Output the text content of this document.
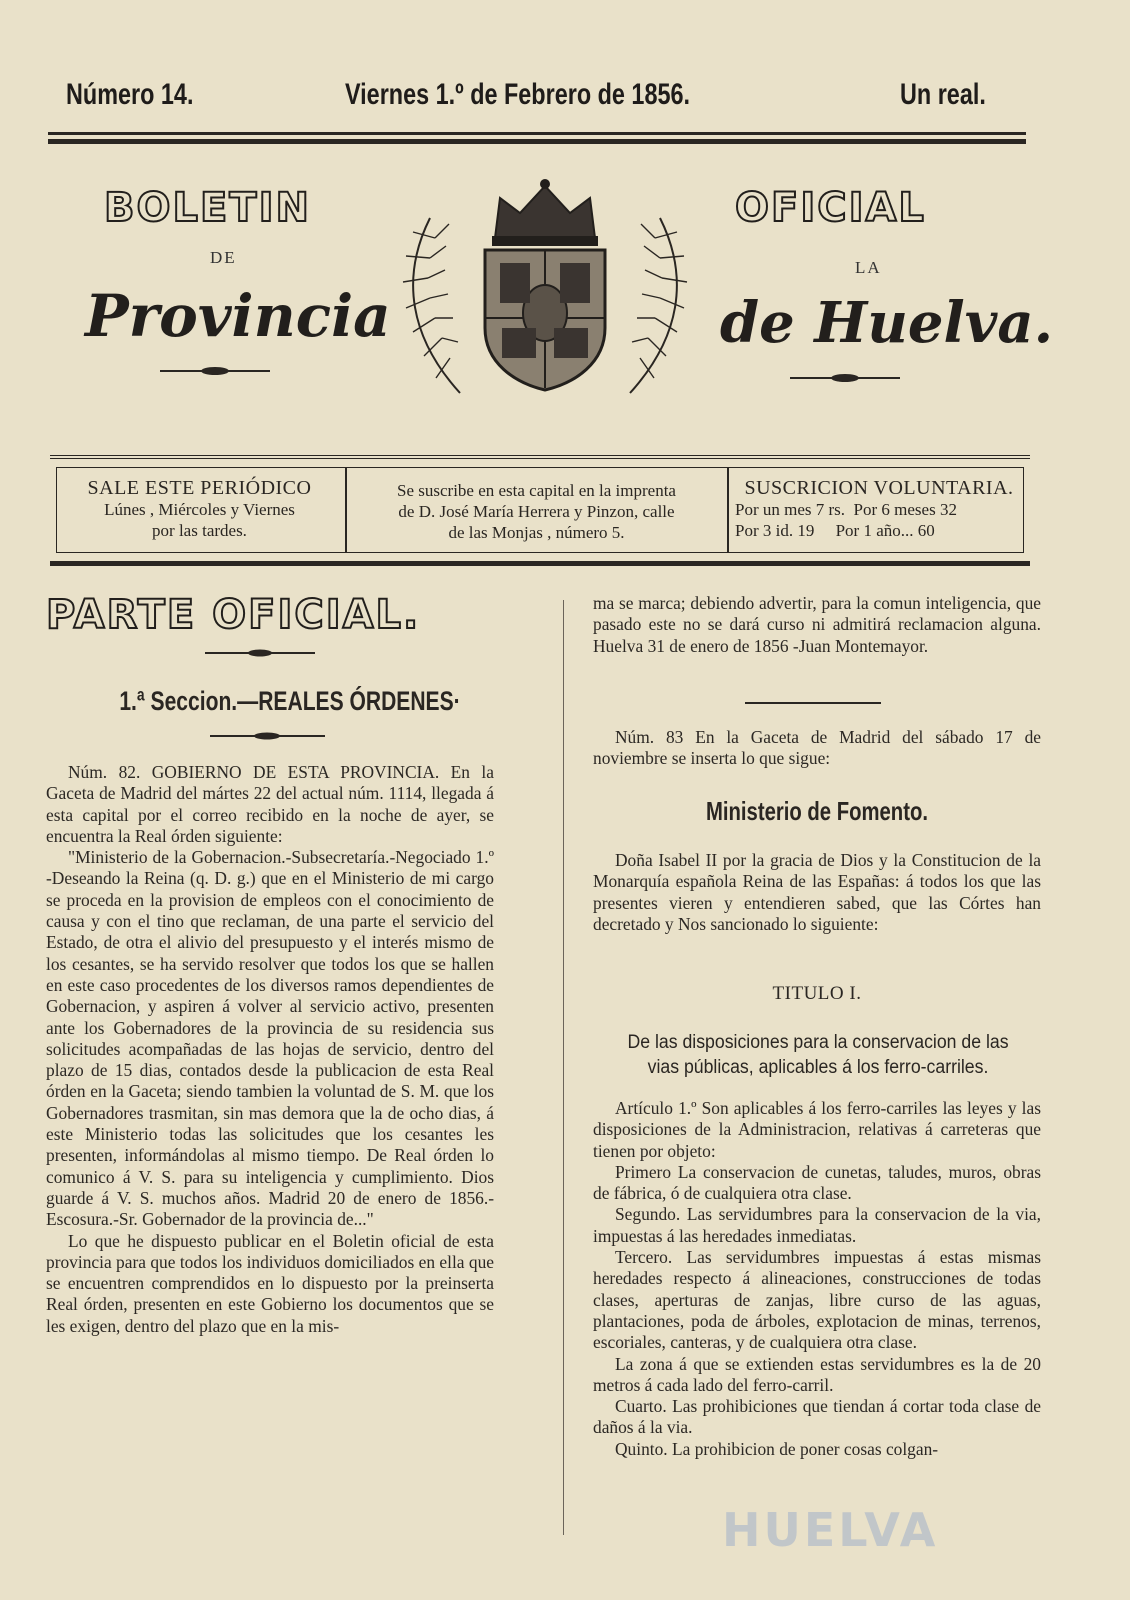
Número 14.	Viernes 1.º de Febrero de 1856.	Un real.
BOLETIN	OFICIAL
DE
LA
Provincia	de Huelva.
SALE ESTE PERIÓDICO
Lúnes , Miércoles y Viernes
por las tardes.
Se suscribe en esta capital en la imprenta
de D. José María Herrera y Pinzon, calle
de las Monjas , número 5.
SUSCRICION VOLUNTARIA.
Por un mes 7 rs.  Por 6 meses 32
Por 3 id. 19     Por 1 año... 60
PARTE OFICIAL.
1.ª Seccion.—REALES ÓRDENES·

Núm. 82. GOBIERNO DE ESTA PROVINCIA. En la Gaceta de Madrid del mártes 22 del actual núm. 1114, llegada á esta capital por el correo recibido en la noche de ayer, se encuentra la Real órden siguiente:

"Ministerio de la Gobernacion.-Subsecretaría.-Negociado 1.º -Deseando la Reina (q. D. g.) que en el Ministerio de mi cargo se proceda en la provision de empleos con el conocimiento de causa y con el tino que reclaman, de una parte el servicio del Estado, de otra el alivio del presupuesto y el interés mismo de los cesantes, se ha servido resolver que todos los que se hallen en este caso procedentes de los diversos ramos dependientes de Gobernacion, y aspiren á volver al servicio activo, presenten ante los Gobernadores de la provincia de su residencia sus solicitudes acompañadas de las hojas de servicio, dentro del plazo de 15 dias, contados desde la publicacion de esta Real órden en la Gaceta; siendo tambien la voluntad de S. M. que los Gobernadores trasmitan, sin mas demora que la de ocho dias, á este Ministerio todas las solicitudes que los cesantes les presenten, informándolas al mismo tiempo. De Real órden lo comunico á V. S. para su inteligencia y cumplimiento. Dios guarde á V. S. muchos años. Madrid 20 de enero de 1856.-Escosura.-Sr. Gobernador de la provincia de..."

Lo que he dispuesto publicar en el Boletin oficial de esta provincia para que todos los individuos domiciliados en ella que se encuentren comprendidos en lo dispuesto por la preinserta Real órden, presenten en este Gobierno los documentos que se les exigen, dentro del plazo que en la mis-

ma se marca; debiendo advertir, para la comun inteligencia, que pasado este no se dará curso ni admitirá reclamacion alguna. Huelva 31 de enero de 1856 -Juan Montemayor.

Núm. 83 En la Gaceta de Madrid del sábado 17 de noviembre se inserta lo que sigue:

Ministerio de Fomento.

Doña Isabel II por la gracia de Dios y la Constitucion de la Monarquía española Reina de las Españas: á todos los que las presentes vieren y entendieren sabed, que las Córtes han decretado y Nos sancionado lo siguiente:

TITULO I.
De las disposiciones para la conservacion de las vias públicas, aplicables á los ferro-carriles.

Artículo 1.º Son aplicables á los ferro-carriles las leyes y las disposiciones de la Administracion, relativas á carreteras que tienen por objeto:

Primero La conservacion de cunetas, taludes, muros, obras de fábrica, ó de cualquiera otra clase.

Segundo. Las servidumbres para la conservacion de la via, impuestas á las heredades inmediatas.

Tercero. Las servidumbres impuestas á estas mismas heredades respecto á alineaciones, construcciones de todas clases, aperturas de zanjas, libre curso de las aguas, plantaciones, poda de árboles, explotacion de minas, terrenos, escoriales, canteras, y de cualquiera otra clase.

La zona á que se extienden estas servidumbres es la de 20 metros á cada lado del ferro-carril.

Cuarto. Las prohibiciones que tiendan á cortar toda clase de daños á la via.

Quinto. La prohibicion de poner cosas colgan-

HUELVA
